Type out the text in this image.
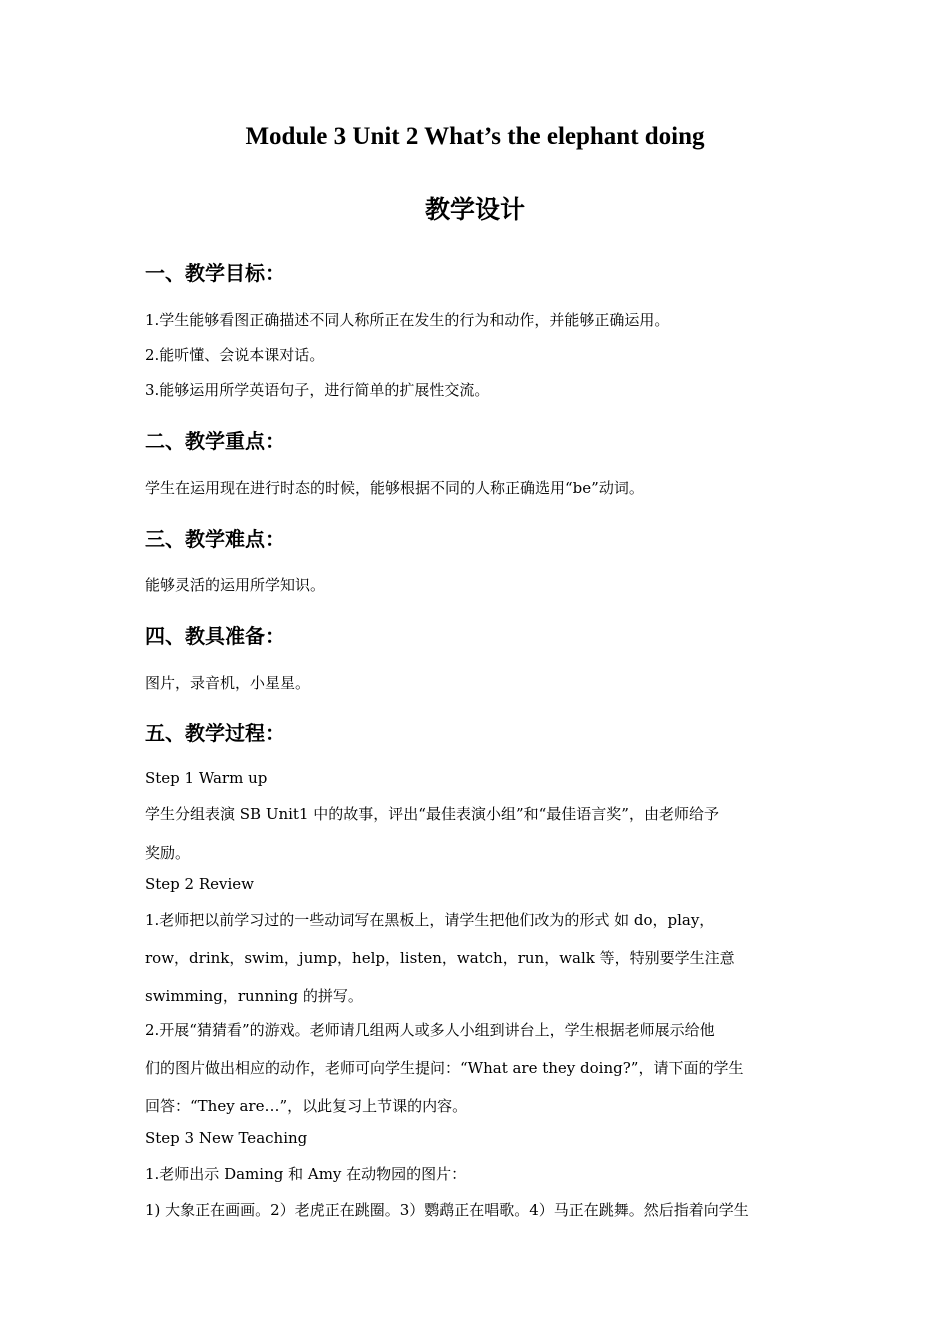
Module 3 Unit 2 What’s the elephant doing
教学设计
一、教学目标：

1.学生能够看图正确描述不同人称所正在发生的行为和动作，并能够正确运用。

2.能听懂、会说本课对话。

3.能够运用所学英语句子，进行简单的扩展性交流。

二、教学重点：

学生在运用现在进行时态的时候，能够根据不同的人称正确选用“be”动词。

三、教学难点：

能够灵活的运用所学知识。

四、教具准备：

图片，录音机，小星星。

五、教学过程：

Step 1 Warm up

学生分组表演 SB Unit1 中的故事，评出“最佳表演小组”和“最佳语言奖”，由老师给予

奖励。

Step 2 Review

1.老师把以前学习过的一些动词写在黑板上，请学生把他们改为的形式 如 do，play，

row，drink，swim，jump，help，listen，watch，run，walk 等，特别要学生注意

swimming，running 的拼写。

2.开展“猜猜看”的游戏。老师请几组两人或多人小组到讲台上，学生根据老师展示给他

们的图片做出相应的动作，老师可向学生提问：“What are they doing?”，请下面的学生

回答：“They are…”，以此复习上节课的内容。

Step 3 New Teaching

1.老师出示 Daming 和 Amy 在动物园的图片：

1) 大象正在画画。2）老虎正在跳圈。3）鹦鹉正在唱歌。4）马正在跳舞。然后指着向学生
